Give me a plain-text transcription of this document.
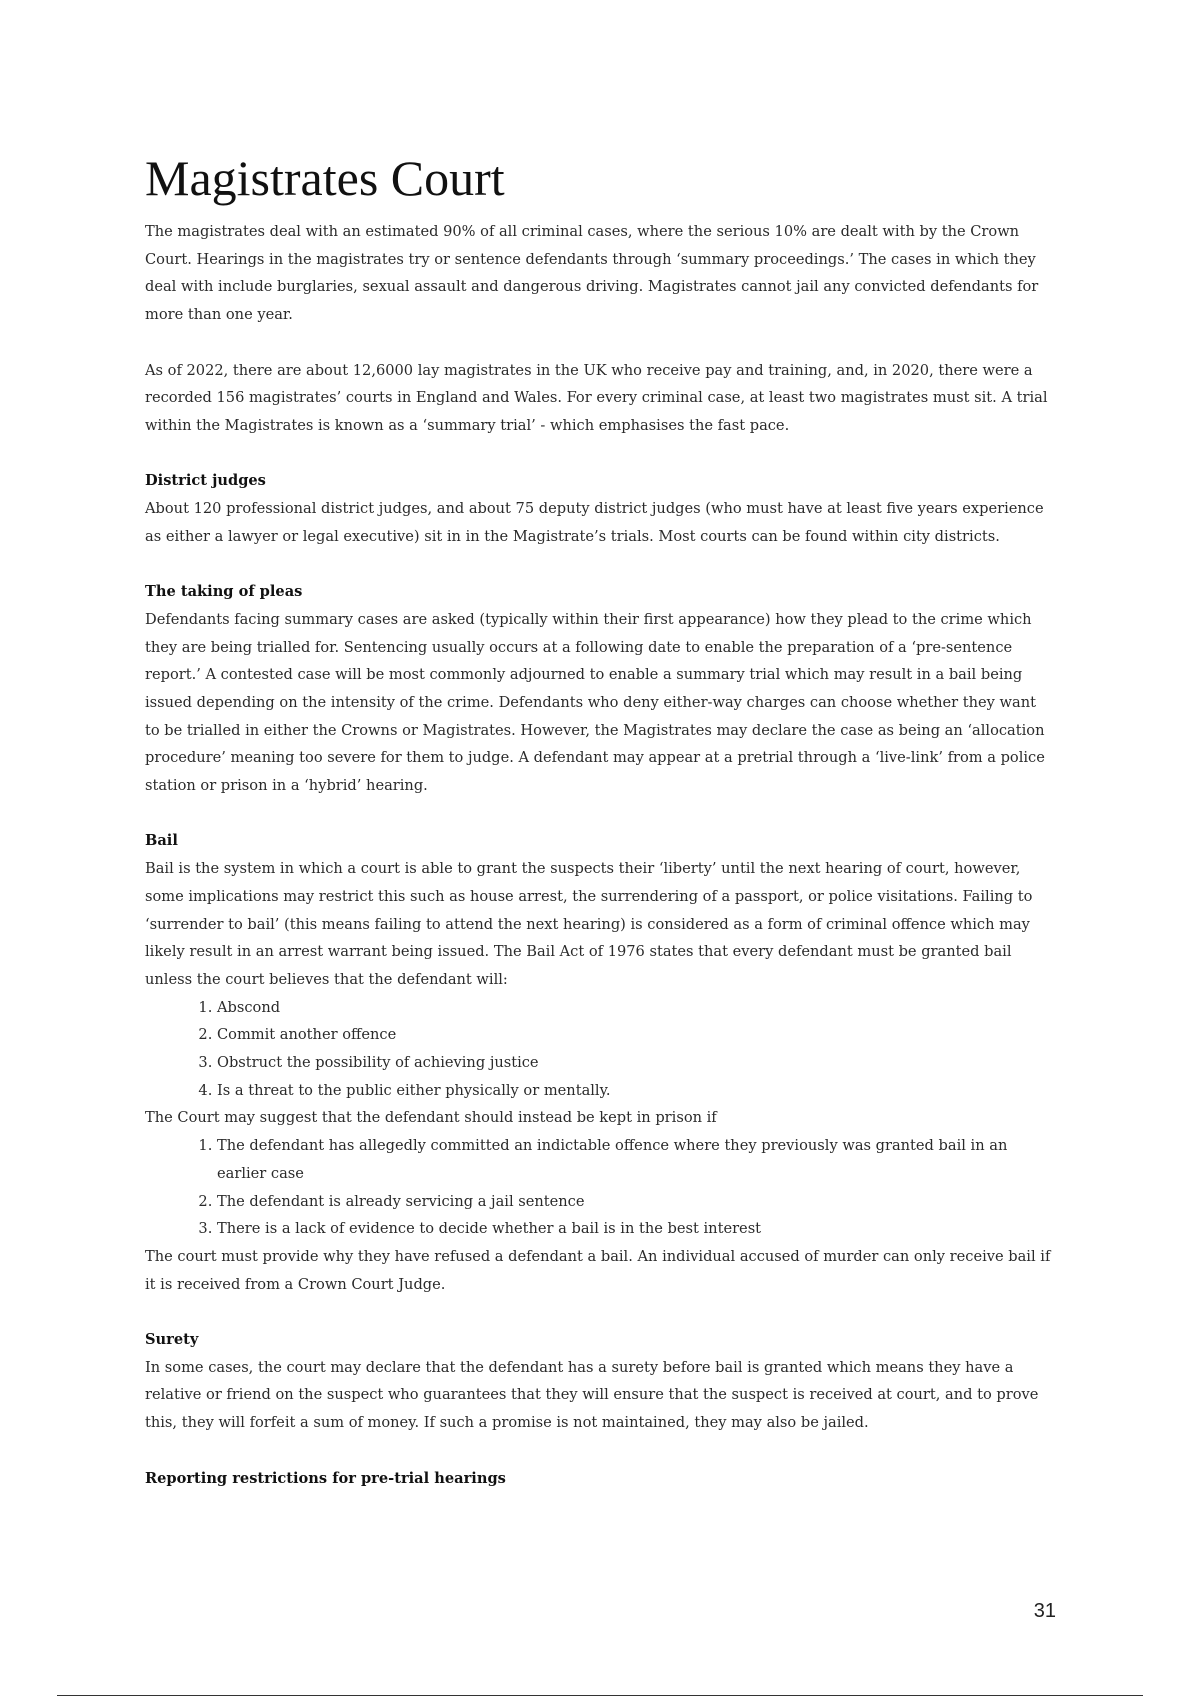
Magistrates Court

The magistrates deal with an estimated 90% of all criminal cases, where the serious 10% are dealt with by the Crown Court. Hearings in the magistrates try or sentence defendants through ‘summary proceedings.’ The cases in which they deal with include burglaries, sexual assault and dangerous driving. Magistrates cannot jail any convicted defendants for more than one year.

As of 2022, there are about 12,6000 lay magistrates in the UK who receive pay and training, and, in 2020, there were a recorded 156 magistrates’ courts in England and Wales. For every criminal case, at least two magistrates must sit. A trial within the Magistrates is known as a ‘summary trial’ - which emphasises the fast pace.

District judges

About 120 professional district judges, and about 75 deputy district judges (who must have at least five years experience as either a lawyer or legal executive) sit in in the Magistrate’s trials. Most courts can be found within city districts.

The taking of pleas

Defendants facing summary cases are asked (typically within their first appearance) how they plead to the crime which they are being trialled for. Sentencing usually occurs at a following date to enable the preparation of a ‘pre-sentence report.’ A contested case will be most commonly adjourned to enable a summary trial which may result in a bail being issued depending on the intensity of the crime. Defendants who deny either-way charges can choose whether they want to be trialled in either the Crowns or Magistrates. However, the Magistrates may declare the case as being an ‘allocation procedure’ meaning too severe for them to judge. A defendant may appear at a pretrial through a ‘live-link’ from a police station or prison in a ‘hybrid’ hearing.

Bail

Bail is the system in which a court is able to grant the suspects their ‘liberty’ until the next hearing of court, however, some implications may restrict this such as house arrest, the surrendering of a passport, or police visitations. Failing to ‘surrender to bail’ (this means failing to attend the next hearing) is considered as a form of criminal offence which may likely result in an arrest warrant being issued. The Bail Act of 1976 states that every defendant must be granted bail unless the court believes that the defendant will:

1. Abscond
2. Commit another offence
3. Obstruct the possibility of achieving justice
4. Is a threat to the public either physically or mentally.

The Court may suggest that the defendant should instead be kept in prison if

1. The defendant has allegedly committed an indictable offence where they previously was granted bail in an earlier case
2. The defendant is already servicing a jail sentence
3. There is a lack of evidence to decide whether a bail is in the best interest

The court must provide why they have refused a defendant a bail. An individual accused of murder can only receive bail if it is received from a Crown Court Judge.

Surety

In some cases, the court may declare that the defendant has a surety before bail is granted which means they have a relative or friend on the suspect who guarantees that they will ensure that the suspect is received at court, and to prove this, they will forfeit a sum of money. If such a promise is not maintained, they may also be jailed.

Reporting restrictions for pre-trial hearings
31
